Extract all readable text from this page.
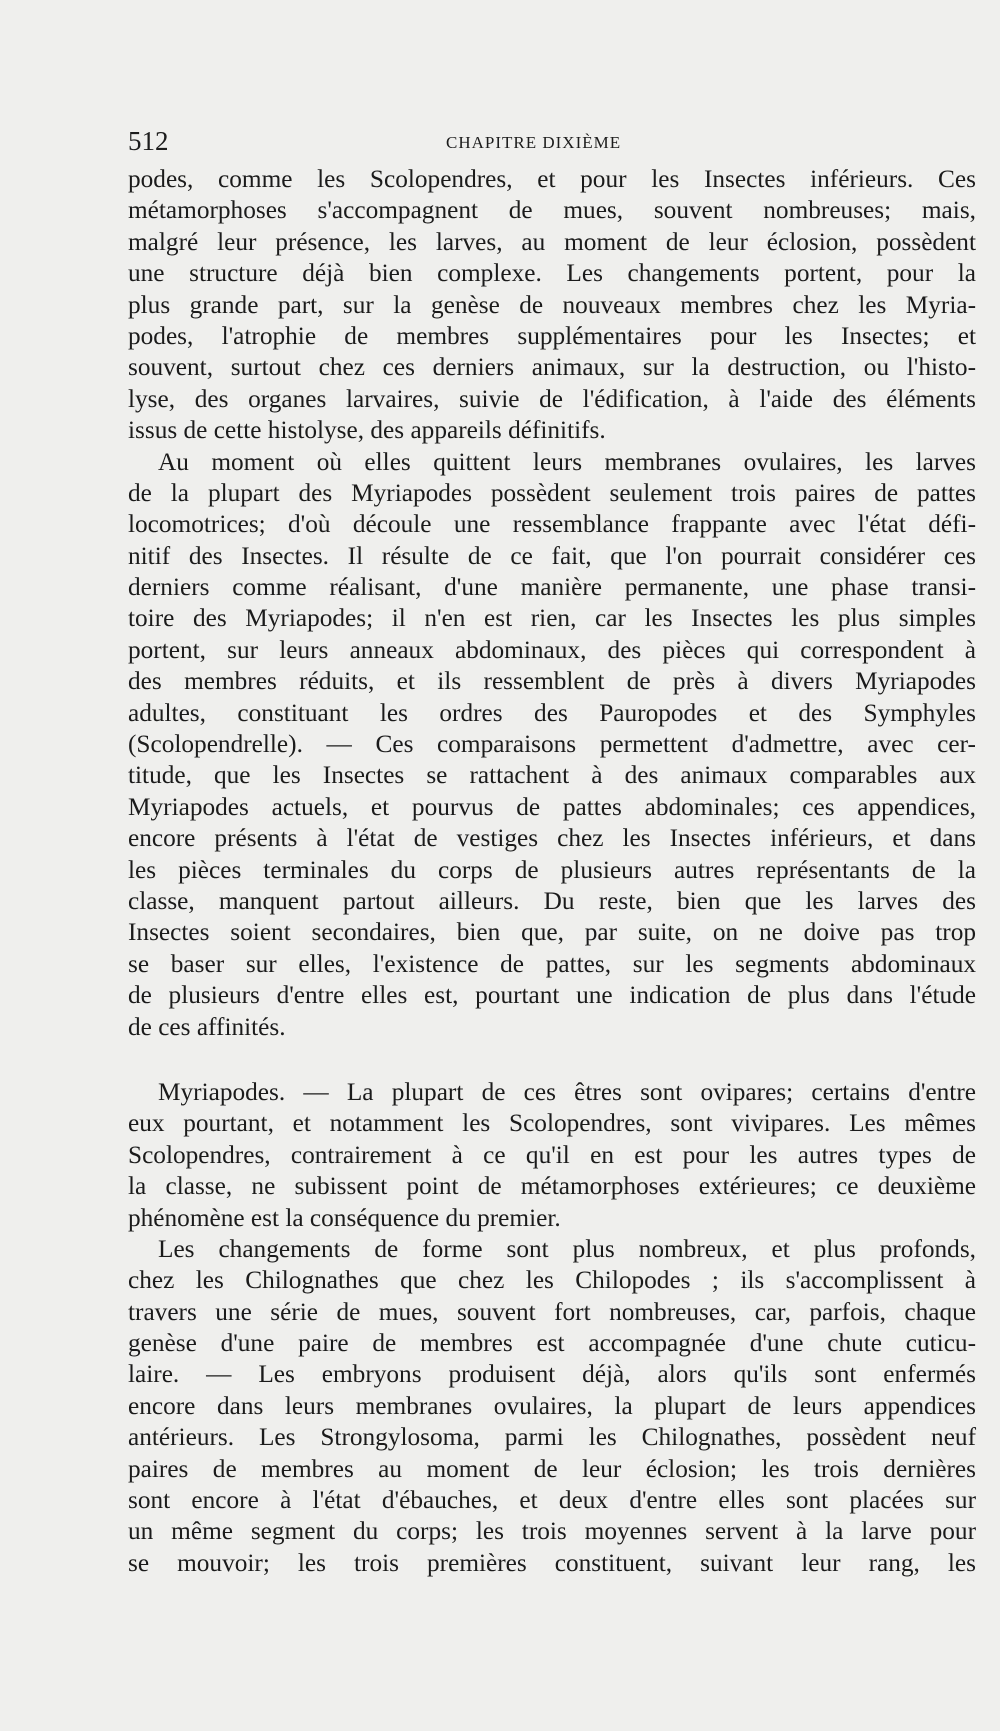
512	CHAPITRE DIXIÈME
podes, comme les Scolopendres, et pour les Insectes inférieurs. Ces
métamorphoses s'accompagnent de mues, souvent nombreuses; mais,
malgré leur présence, les larves, au moment de leur éclosion, possèdent
une structure déjà bien complexe. Les changements portent, pour la
plus grande part, sur la genèse de nouveaux membres chez les Myria-
podes, l'atrophie de membres supplémentaires pour les Insectes; et
souvent, surtout chez ces derniers animaux, sur la destruction, ou l'histo-
lyse, des organes larvaires, suivie de l'édification, à l'aide des éléments
issus de cette histolyse, des appareils définitifs.
Au moment où elles quittent leurs membranes ovulaires, les larves
de la plupart des Myriapodes possèdent seulement trois paires de pattes
locomotrices; d'où découle une ressemblance frappante avec l'état défi-
nitif des Insectes. Il résulte de ce fait, que l'on pourrait considérer ces
derniers comme réalisant, d'une manière permanente, une phase transi-
toire des Myriapodes; il n'en est rien, car les Insectes les plus simples
portent, sur leurs anneaux abdominaux, des pièces qui correspondent à
des membres réduits, et ils ressemblent de près à divers Myriapodes
adultes, constituant les ordres des Pauropodes et des Symphyles
(Scolopendrelle). — Ces comparaisons permettent d'admettre, avec cer-
titude, que les Insectes se rattachent à des animaux comparables aux
Myriapodes actuels, et pourvus de pattes abdominales; ces appendices,
encore présents à l'état de vestiges chez les Insectes inférieurs, et dans
les pièces terminales du corps de plusieurs autres représentants de la
classe, manquent partout ailleurs. Du reste, bien que les larves des
Insectes soient secondaires, bien que, par suite, on ne doive pas trop
se baser sur elles, l'existence de pattes, sur les segments abdominaux
de plusieurs d'entre elles est, pourtant une indication de plus dans l'étude
de ces affinités.
Myriapodes. — La plupart de ces êtres sont ovipares; certains d'entre
eux pourtant, et notamment les Scolopendres, sont vivipares. Les mêmes
Scolopendres, contrairement à ce qu'il en est pour les autres types de
la classe, ne subissent point de métamorphoses extérieures; ce deuxième
phénomène est la conséquence du premier.
Les changements de forme sont plus nombreux, et plus profonds,
chez les Chilognathes que chez les Chilopodes ; ils s'accomplissent à
travers une série de mues, souvent fort nombreuses, car, parfois, chaque
genèse d'une paire de membres est accompagnée d'une chute cuticu-
laire. — Les embryons produisent déjà, alors qu'ils sont enfermés
encore dans leurs membranes ovulaires, la plupart de leurs appendices
antérieurs. Les Strongylosoma, parmi les Chilognathes, possèdent neuf
paires de membres au moment de leur éclosion; les trois dernières
sont encore à l'état d'ébauches, et deux d'entre elles sont placées sur
un même segment du corps; les trois moyennes servent à la larve pour
se mouvoir; les trois premières constituent, suivant leur rang, les
